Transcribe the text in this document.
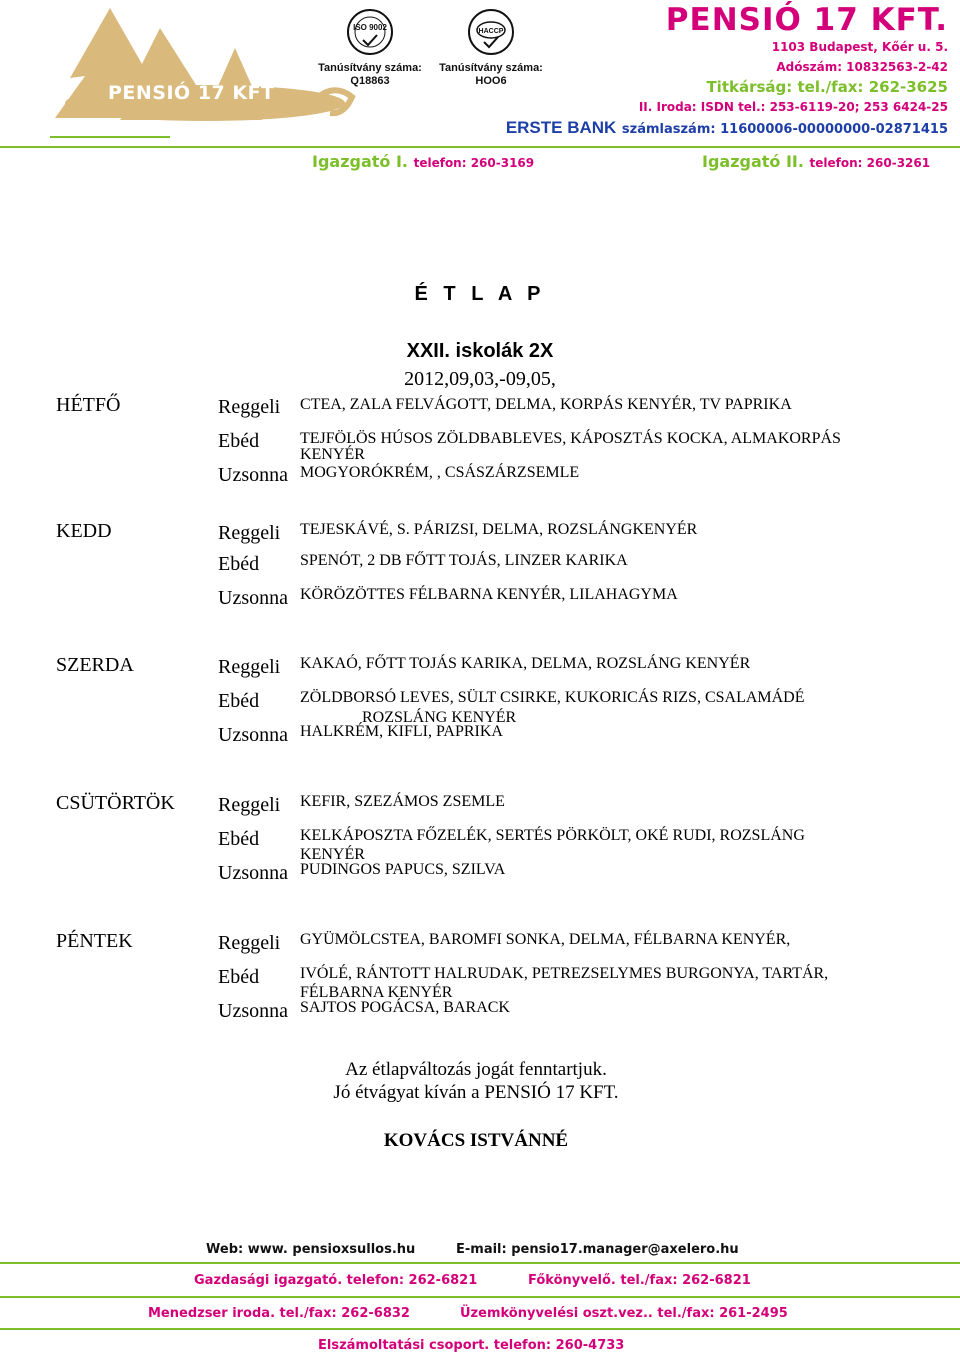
PENSIÓ 17 KFT
ISO 9002
Tanúsítvány száma:
Q18863
HACCP
Tanúsítvány száma:
HOO6
PENSIÓ 17 KFT.
1103 Budapest, Kőér u. 5.
Adószám: 10832563-2-42
Titkárság: tel./fax: 262-3625
II. Iroda: ISDN tel.: 253-6119-20; 253 6424-25
ERSTE BANK számlaszám: 11600006-00000000-02871415
Igazgató I. telefon: 260-3169	Igazgató II. telefon: 260-3261
É T L A P
XXII. iskolák 2X
2012,09,03,-09,05,
HÉTFŐ	Reggeli CTEA, ZALA FELVÁGOTT, DELMA, KORPÁS KENYÉR, TV PAPRIKA
Ebéd	TEJFÖLÖS HÚSOS ZÖLDBABLEVES, KÁPOSZTÁS KOCKA, ALMAKORPÁS
KENYÉR
Uzsonna MOGYORÓKRÉM, , CSÁSZÁRZSEMLE
KEDD	Reggeli TEJESKÁVÉ, S. PÁRIZSI, DELMA, ROZSLÁNGKENYÉR
Ebéd	SPENÓT, 2 DB FŐTT TOJÁS, LINZER KARIKA
Uzsonna KÖRÖZÖTTES FÉLBARNA KENYÉR, LILAHAGYMA
SZERDA	Reggeli KAKAÓ, FŐTT TOJÁS KARIKA, DELMA, ROZSLÁNG KENYÉR
Ebéd	ZÖLDBORSÓ LEVES, SÜLT CSIRKE, KUKORICÁS RIZS, CSALAMÁDÉ
ROZSLÁNG KENYÉR
Uzsonna HALKRÉM, KIFLI, PAPRIKA
CSÜTÖRTÖK Reggeli KEFIR, SZEZÁMOS ZSEMLE
Ebéd	KELKÁPOSZTA FŐZELÉK, SERTÉS PÖRKÖLT, OKÉ RUDI, ROZSLÁNG
KENYÉR
Uzsonna PUDINGOS PAPUCS, SZILVA
PÉNTEK	Reggeli GYÜMÖLCSTEA, BAROMFI SONKA, DELMA, FÉLBARNA KENYÉR,
Ebéd	IVÓLÉ, RÁNTOTT HALRUDAK, PETREZSELYMES BURGONYA, TARTÁR,
FÉLBARNA KENYÉR
Uzsonna SAJTOS POGÁCSA, BARACK
Az étlapváltozás jogát fenntartjuk.
Jó étvágyat kíván a PENSIÓ 17 KFT.
KOVÁCS ISTVÁNNÉ
Web: www. pensioxsullos.hu	E-mail: pensio17.manager@axelero.hu
Gazdasági igazgató. telefon: 262-6821	Főkönyvelő. tel./fax: 262-6821
Menedzser iroda. tel./fax: 262-6832	Üzemkönyvelési oszt.vez.. tel./fax: 261-2495
Elszámoltatási csoport. telefon: 260-4733
